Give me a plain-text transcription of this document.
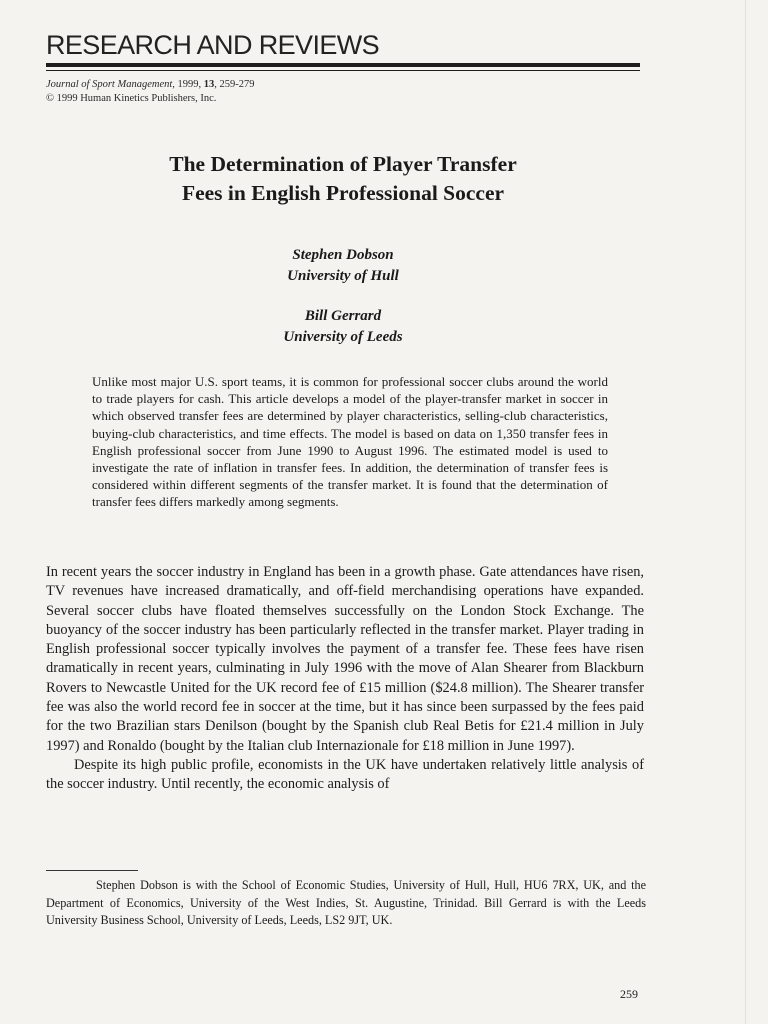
RESEARCH AND REVIEWS
Journal of Sport Management, 1999, 13, 259-279
© 1999 Human Kinetics Publishers, Inc.
The Determination of Player Transfer
Fees in English Professional Soccer
Stephen Dobson
University of Hull
Bill Gerrard
University of Leeds

Unlike most major U.S. sport teams, it is common for professional soccer clubs around the world to trade players for cash. This article develops a model of the player-transfer market in soccer in which observed transfer fees are determined by player characteristics, selling-club characteristics, buying-club characteristics, and time effects. The model is based on data on 1,350 transfer fees in English professional soccer from June 1990 to August 1996. The estimated model is used to investigate the rate of inflation in transfer fees. In addition, the determination of transfer fees is considered within different segments of the transfer market. It is found that the determination of transfer fees differs markedly among segments.

In recent years the soccer industry in England has been in a growth phase. Gate attendances have risen, TV revenues have increased dramatically, and off-field merchandising operations have expanded. Several soccer clubs have floated themselves successfully on the London Stock Exchange. The buoyancy of the soccer industry has been particularly reflected in the transfer market. Player trading in English professional soccer typically involves the payment of a transfer fee. These fees have risen dramatically in recent years, culminating in July 1996 with the move of Alan Shearer from Blackburn Rovers to Newcastle United for the UK record fee of £15 million ($24.8 million). The Shearer transfer fee was also the world record fee in soccer at the time, but it has since been surpassed by the fees paid for the two Brazilian stars Denilson (bought by the Spanish club Real Betis for £21.4 million in July 1997) and Ronaldo (bought by the Italian club Internazionale for £18 million in June 1997).

Despite its high public profile, economists in the UK have undertaken relatively little analysis of the soccer industry. Until recently, the economic analysis of

Stephen Dobson is with the School of Economic Studies, University of Hull, Hull, HU6 7RX, UK, and the Department of Economics, University of the West Indies, St. Augustine, Trinidad. Bill Gerrard is with the Leeds University Business School, University of Leeds, Leeds, LS2 9JT, UK.

259
